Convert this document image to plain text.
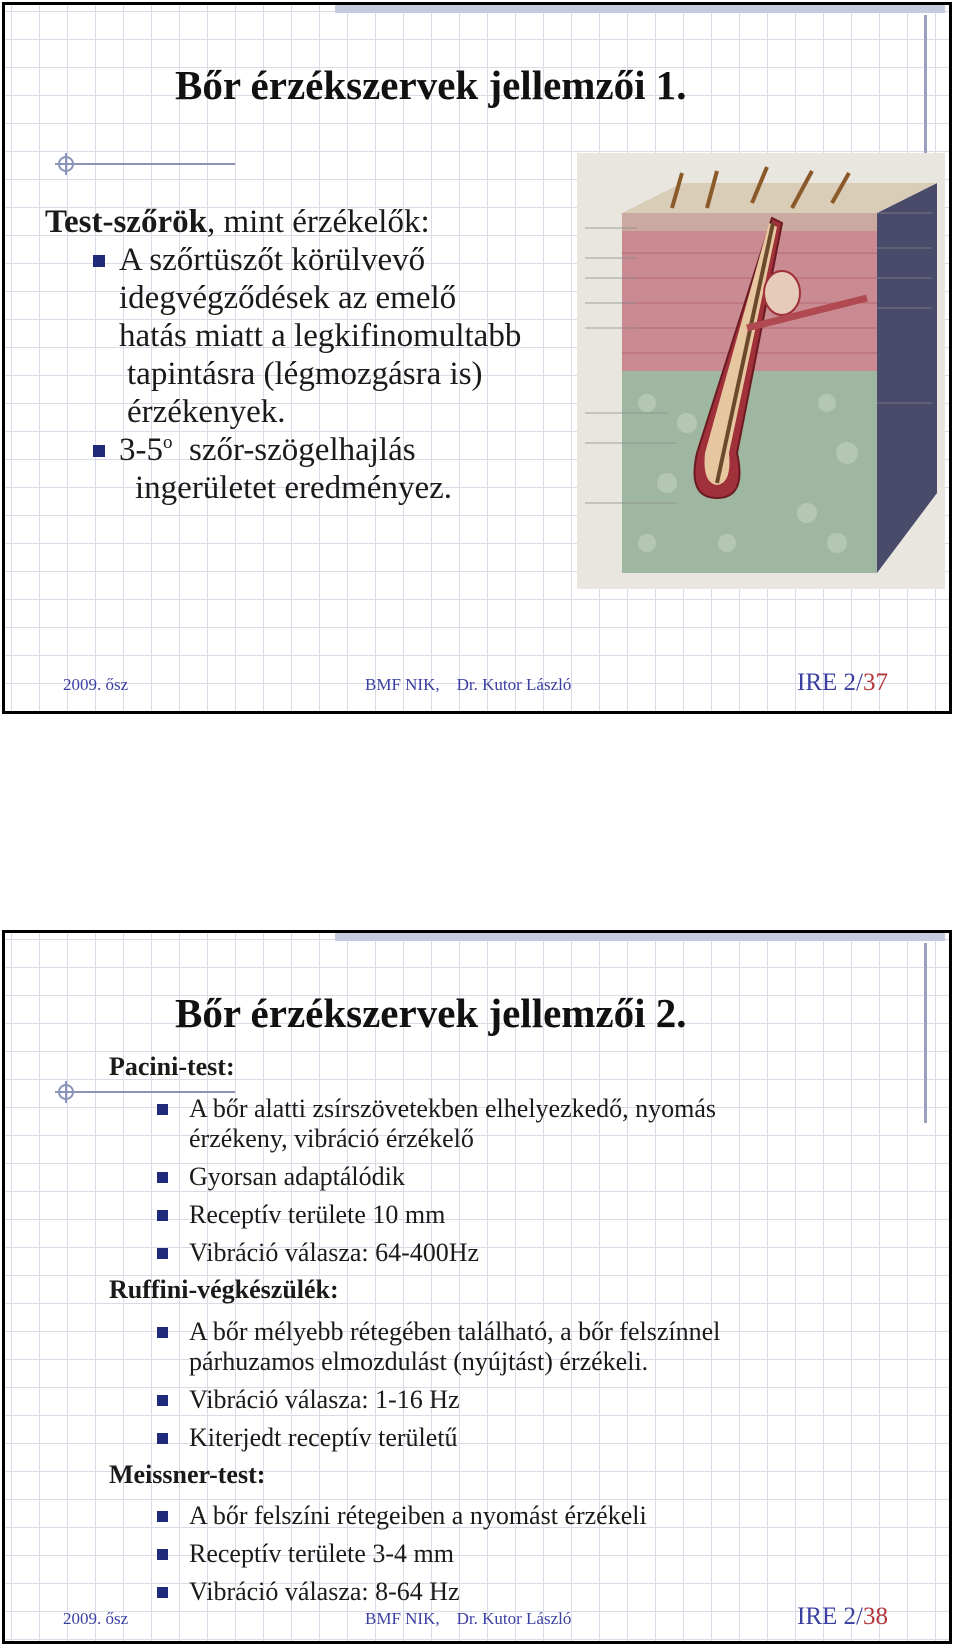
Bőr érzékszervek jellemzői 1.
Test-szőrök, mint érzékelők:
A szőrtüszőt körülvevő
idegvégződések az emelő
hatás miatt a legkifinomultabb
tapintásra (légmozgásra is)
érzékenyek.
3-5$^o$ szőr-szögelhajlás
ingerületet eredményez.
2009. ősz	BMF NIK,    Dr. Kutor László	IRE 2/37
Bőr érzékszervek jellemzői 2.
Pacini-test:
A bőr alatti zsírszövetekben elhelyezkedő, nyomás
érzékeny, vibráció érzékelő
Gyorsan adaptálódik
Receptív területe 10 mm
Vibráció válasza: 64-400Hz
Ruffini-végkészülék:
A bőr mélyebb rétegében található, a bőr felszínnel
párhuzamos elmozdulást (nyújtást) érzékeli.
Vibráció válasza: 1-16 Hz
Kiterjedt receptív területű
Meissner-test:
A bőr felszíni rétegeiben a nyomást érzékeli
Receptív területe 3-4 mm
Vibráció válasza: 8-64 Hz
2009. ősz	BMF NIK,    Dr. Kutor László	IRE 2/38
